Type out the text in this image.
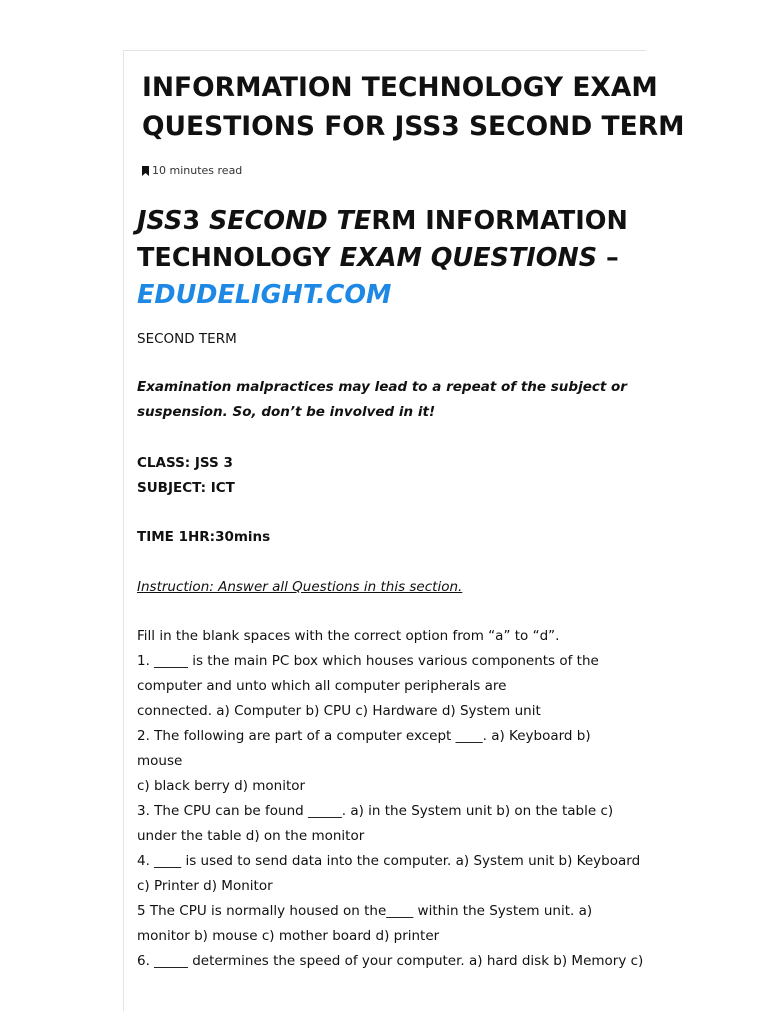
INFORMATION TECHNOLOGY EXAM
QUESTIONS FOR JSS3 SECOND TERM
10 minutes read
JSS3 SECOND TERM INFORMATION
TECHNOLOGY EXAM QUESTIONS –
EDUDELIGHT.COM

SECOND TERM

Examination malpractices may lead to a repeat of the subject or
suspension. So, don’t be involved in it!

CLASS: JSS 3
SUBJECT: ICT

TIME 1HR:30mins

Instruction: Answer all Questions in this section.

Fill in the blank spaces with the correct option from “a” to “d”.
1. _____ is the main PC box which houses various components of the
computer and unto which all computer peripherals are
connected. a) Computer b) CPU c) Hardware d) System unit
2. The following are part of a computer except ____. a) Keyboard b)
mouse
c) black berry d) monitor
3. The CPU can be found _____. a) in the System unit b) on the table c)
under the table d) on the monitor
4. ____ is used to send data into the computer. a) System unit b) Keyboard
c) Printer d) Monitor
5 The CPU is normally housed on the____ within the System unit. a)
monitor b) mouse c) mother board d) printer
6. _____ determines the speed of your computer. a) hard disk b) Memory c)
